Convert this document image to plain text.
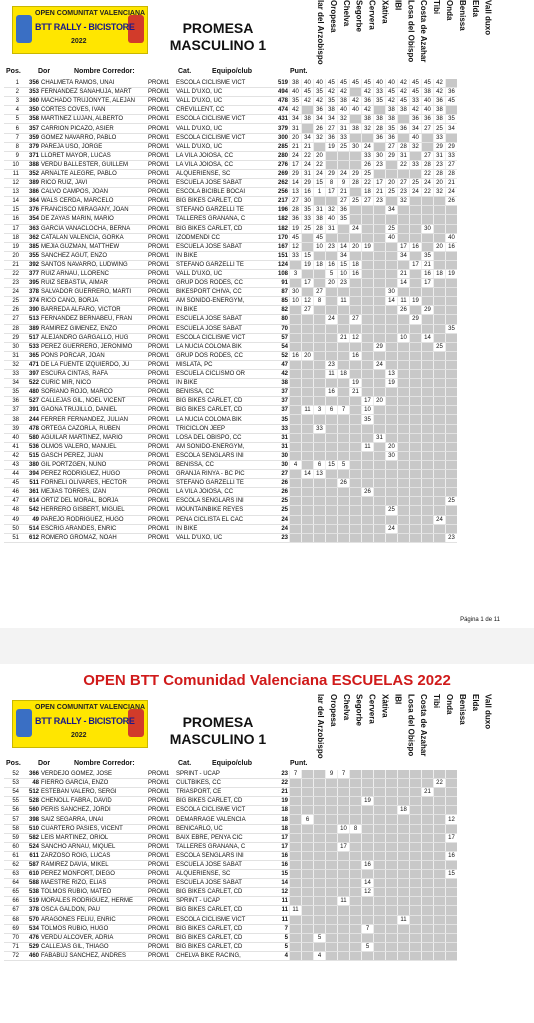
OPEN COMUNITAT VALENCIANA
BTT RALLY - BICISTORE
2022
PROMESA
MASCULINO 1	lar del Arzobispo Oropesa Chelva Segorbe Cervera Xàtiva IBI Losa del Obispo Costa de Azahar Tibi Onda Benissa Elda Vall duxo
Pos. Dor	Nombre Corredor:	Cat.	Equipo/club	Punt.
1	356	CHALMETA RAMOS, UNAI	PROM1	ESCOLA CICLISME VICT	519	38	40	40	45	45	45	45	40	40	42	45	45	42	
2	353	FERNANDEZ SANAHUJA, MART	PROM1	VALL D'UXO, UC	494	40	45	35	42	42		42	33	45	42	45	38	42	36
3	360	MACHADO TRUJONYTE, ALEJAN	PROM1	VALL D'UXO, UC	478	35	42	42	35	38	42	36	35	42	45	33	40	36	45
4	350	CORTES COVES, IVAN	PROM1	CREVILLENT, CC	474	42		36	38	40	40	42		38	38	42	40	38	
5	358	MARTINEZ LUJAN, ALBERTO	PROM1	ESCOLA CICLISME VICT	431	34	38	34	34	32		38	38	38		36	36	38	35
6	357	CARRION PICAZO, ASIER	PROM1	VALL D'UXO, UC	379	31		26	27	31	38	32	28	35	36	34	27	25	34
7	359	GOMEZ NAVARRO, PABLO	PROM1	ESCOLA CICLISME VICT	300	20	34	32	36	33			36	36		40		33	
8	379	PAREJA USO, JORGE	PROM1	VALL D'UXO, UC	285	21	21		19	25	30	24		27	28	32		29	29
9	371	LLORET MAYOR, LUCAS	PROM1	LA VILA JOIOSA, CC	280	24	22	20				33	30	29	31		27	31	33
10	388	VERDU BALLESTER, GUILLEM	PROM1	LA VILA JOIOSA, CC	276	17	24	22				26	23		22	33	28	23	27
11	352	ARNALTE ALEGRE, PABLO	PROM1	ALQUERIENSE, SC	269	29	31	24	29	24	29	25					22	28	28
12	389	RICO RUIZ, JAVI	PROM1	ESCUELA JOSE SABAT	262	14	29	15	8	9	28	22	17	20	27	25	24	20	21
13	386	CALVO CAMPOS, JOAN	PROM1	ESCOLA BICIBLE BOCAI	256	13	16	1	17	21		18	21	25	23	24	22	32	24
14	364	WALS CERDA, MARCELO	PROM1	BIG BIKES CARLET, CD	217	27	30			27	25	27	23		32				26
15	376	FRANCISCO MIRAGANY, JOAN	PROM1	STEFANO GARZELLI TE	196	28	35	31	32	36				34					
16	354	DE ZAYAS MARIN, MARIO	PROM1	TALLERES GRAÑANA, C	182	36	33	38	40	35									
17	363	GARCIA VANACLOCHA, BERNA	PROM1	BIG BIKES CARLET, CD	182	19	25	28	31		24			25			30		
18	362	CATALAN VALENCIA, GORKA	PROM1	IZODMENDI CC	170	45		45						40					40
19	385	MEJIA GUZMAN, MATTHEW	PROM1	ESCUELA JOSE SABAT	167	12		10	23	14	20	19			17	16		20	16
20	355	SANCHEZ AGUT, ENZO	PROM1	IN BIKE	151	33	15			34					34		35		
21	392	SANTOS NAVARRO, LUDWING	PROM1	STEFANO GARZELLI TE	124		19	18	16	15	18					17	21		
22	377	RUIZ ARNAU, LLORENC	PROM1	VALL D'UXO, UC	108	3			5	10	16				21		16	18	19
23	395	RUIZ SEBASTIA, AIMAR	PROM1	GRUP DOS RODES, CC	91		17		20	23					14		17		
24	378	SALVADOR GUERRERO, MARTI	PROM1	BIKESPORT CHIVA, CC	87	30		27						30					
25	374	RICO CANO, BORJA	PROM1	AM SONIDO-ENERGYM,	85	10	12	8		11				14	11	19			
26	390	BARREDA ALFARO, VICTOR	PROM1	IN BIKE	82		27								26		29		
27	513	FERNANDEZ BERNABEU, FRAN	PROM1	ESCUELA JOSE SABAT	80				24		27					29			
28	389	RAMIREZ GIMENEZ, ENZO	PROM1	ESCUELA JOSE SABAT	70														35
29	517	ALEJANDRO GARGALLO, HUG	PROM1	ESCOLA CICLISME VICT	57					21	12				10		14		
30	533	PEREZ GUERRERO, JERONIMO	PROM1	LA NUCIA COLOMA BIK	54								29					25	
31	365	PONS PORCAR, JOAN	PROM1	GRUP DOS RODES, CC	52	16	20				16								
32	471	DE LA FUENTE IZQUIERDO, JU	PROM1	MISLATA, PC	47				23				24						
33	397	ESCURA CINTAS, RAFA	PROM1	ESCUELA CICLISMO OR	42				11	18				13					
34	522	CURIC MIR, NICO	PROM1	IN BIKE	38						19			19					
35	480	SORIANO ROJO, MARCO	PROM1	BENISSA, CC	37				16		21								
36	527	CALLEJAS GIL, NOEL VICENT	PROM1	BIG BIKES CARLET, CD	37							17	20						
37	391	GAONA TRUJILLO, DANIEL	PROM1	BIG BIKES CARLET, CD	37		11	3	6	7		10							
38	244	FERRER FERNANDEZ, JULIAN	PROM1	LA NUCIA COLOMA BIK	35							35							
39	478	ORTEGA CAZORLA, RUBEN	PROM1	TRICICLON JEEP	33			33											
40	580	AGUILAR MARTINEZ, MARIO	PROM1	LOSA DEL OBISPO, CC	31								31						
41	536	OLMOS VALERO, MANUEL	PROM1	AM SONIDO-ENERGYM,	31							11		20					
42	515	GASCH PEREZ, JUAN	PROM1	ESCOLA SENGLARS INI	30									30					
43	380	GIL PORTZGEN, NUNO	PROM1	BENISSA, CC	30	4		6	15	5									
44	394	PEREZ RODRIGUEZ, HUGO	PROM1	GRANJA RINYA - BC PIC	27		14	13											
45	511	FORNELI OLIVARES, HECTOR	PROM1	STEFANO GARZELLI TE	26					26									
46	361	MEJIAS TORRES, IZAN	PROM1	LA VILA JOIOSA, CC	26							26							
47	614	ORTIZ DEL MORAL, BORJA	PROM1	ESCOLA SENGLARS INI	25														25
48	542	HERRERO GISBERT, MIGUEL	PROM1	MOUNTAINBIKE REYES	25									25					
49	49	PAREJO RODRIGUEZ, HUGO	PROM1	PEÑA CICLISTA EL CAC	24													24	
50	514	ESCRIG ARANDES, ENRIC	PROM1	IN BIKE	24									24					
51	612	ROMERO GROMAZ, NOAH	PROM1	VALL D'UXO, UC	23														23
Página 1 de 11
OPEN BTT Comunidad Valenciana ESCUELAS 2022
OPEN COMUNITAT VALENCIANA
BTT RALLY - BICISTORE
2022
PROMESA
MASCULINO 1	lar del Arzobispo Oropesa Chelva Segorbe Cervera Xàtiva IBI Losa del Obispo Costa de Azahar Tibi Onda Benissa Elda Vall duxo
Pos. Dor	Nombre Corredor:	Cat.	Equipo/club	Punt.
52	366	VERDEJO GOMEZ, JOSE	PROM1	SPRINT - UCAP	23	7			9	7									
53	48	FIERRO GARCIA, ENZO	PROM1	CULTBIKES, CC	22													22	
54	512	ESTEBAN VALERO, SERGI	PROM1	TRIASPORT, CE	21												21		
55	528	CHENOLL FABRA, DAVID	PROM1	BIG BIKES CARLET, CD	19							19							
56	560	PERIS SANCHEZ, JORDI	PROM1	ESCOLA CICLISME VICT	18										18				
57	398	SAIZ SEGARRA, UNAI	PROM1	DEMARRAGE VALENCIA	18		6												12
58	510	CUARTERO PASIES, VICENT	PROM1	BENICARLO, UC	18					10	8								
59	582	LEIS MARTINEZ, ORIOL	PROM1	BAIX EBRE, PENYA CIC	17														17
60	524	SANCHO ARNAU, MIQUEL	PROM1	TALLERES GRAÑANA, C	17					17									
61	611	ZARZOSO ROIG, LUCAS	PROM1	ESCOLA SENGLARS INI	16														16
62	587	RAMIREZ DAVIA, MIKEL	PROM1	ESCUELA JOSE SABAT	16							16							
63	610	PEREZ MONFORT, DIEGO	PROM1	ALQUERIENSE, SC	15														15
64	588	MAESTRE RIZO, ELIAS	PROM1	ESCUELA JOSE SABAT	14							14							
65	538	TOLMOS RUBIO, MATEO	PROM1	BIG BIKES CARLET, CD	12							12							
66	519	MORALES RODRIGUEZ, HERME	PROM1	SPRINT - UCAP	11					11									
67	378	OSCA GALDON, PAU	PROM1	BIG BIKES CARLET, CD	11	11													
68	570	ARAGONES FELIU, ENRIC	PROM1	ESCOLA CICLISME VICT	11										11				
69	534	TOLMOS RUBIO, HUGO	PROM1	BIG BIKES CARLET, CD	7							7							
70	476	VERDU ALCOVER, ADRIA	PROM1	BIG BIKES CARLET, CD	5			5											
71	529	CALLEJAS GIL, THIAGO	PROM1	BIG BIKES CARLET, CD	5							5							
72	460	FABABUJ SANCHEZ, ANDRES	PROM1	CHELVA BIKE RACING,	4			4											
